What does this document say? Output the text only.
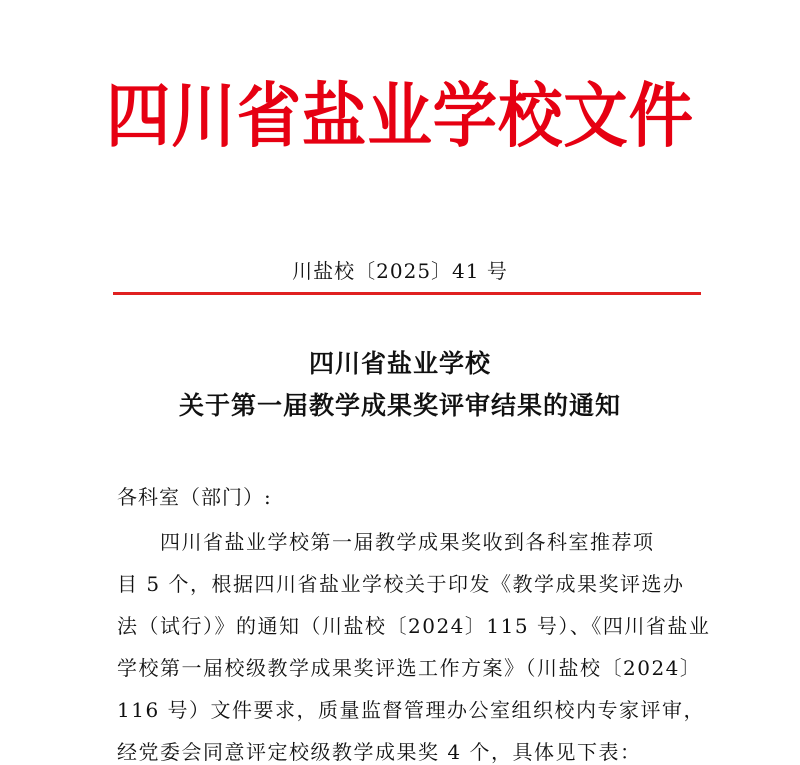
四川省盐业学校文件
川盐校〔2025〕41 号
四川省盐业学校
关于第一届教学成果奖评审结果的通知
各科室（部门）:
四川省盐业学校第一届教学成果奖收到各科室推荐项
目 5 个，根据四川省盐业学校关于印发《教学成果奖评选办
法（试行）》的通知（川盐校〔2024〕115 号）、《四川省盐业
学校第一届校级教学成果奖评选工作方案》（川盐校〔2024〕
116 号）文件要求，质量监督管理办公室组织校内专家评审，
经党委会同意评定校级教学成果奖 4 个，具体见下表：
